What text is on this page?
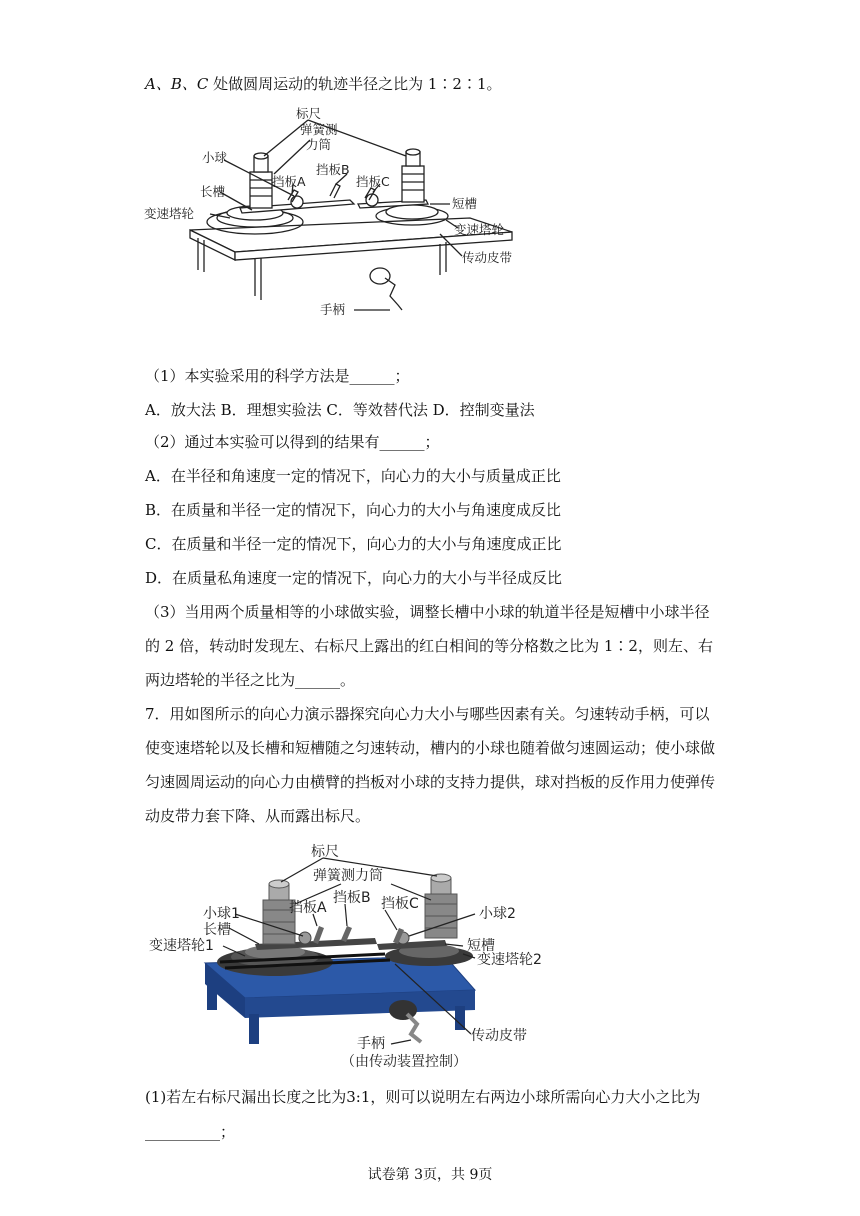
A、B、C 处做圆周运动的轨迹半径之比为 1∶2∶1。
标尺
弹簧测
力筒
小球
挡板B
挡板A	挡板C
长槽
短槽
变速塔轮
变速塔轮
传动皮带
手柄
（1）本实验采用的科学方法是______；
A．放大法 B．理想实验法 C．等效替代法 D．控制变量法
（2）通过本实验可以得到的结果有______；
A．在半径和角速度一定的情况下，向心力的大小与质量成正比
B．在质量和半径一定的情况下，向心力的大小与角速度成反比
C．在质量和半径一定的情况下，向心力的大小与角速度成正比
D．在质量私角速度一定的情况下，向心力的大小与半径成反比
（3）当用两个质量相等的小球做实验，调整长槽中小球的轨道半径是短槽中小球半径
的 2 倍，转动时发现左、右标尺上露出的红白相间的等分格数之比为 1∶2，则左、右
两边塔轮的半径之比为______。
7．用如图所示的向心力演示器探究向心力大小与哪些因素有关。匀速转动手柄，可以
使变速塔轮以及长槽和短槽随之匀速转动，槽内的小球也随着做匀速圆运动；使小球做
匀速圆周运动的向心力由横臂的挡板对小球的支持力提供，球对挡板的反作用力使弹传
动皮带力套下降、从而露出标尺。
标尺
弹簧测力筒
挡板B
挡板A	挡板C
小球1	小球2
长槽
短槽
变速塔轮1
变速塔轮2
传动皮带
手柄
（由传动装置控制）
(1)若左右标尺漏出长度之比为3:1，则可以说明左右两边小球所需向心力大小之比为
__________；
试卷第 3页，共 9页
